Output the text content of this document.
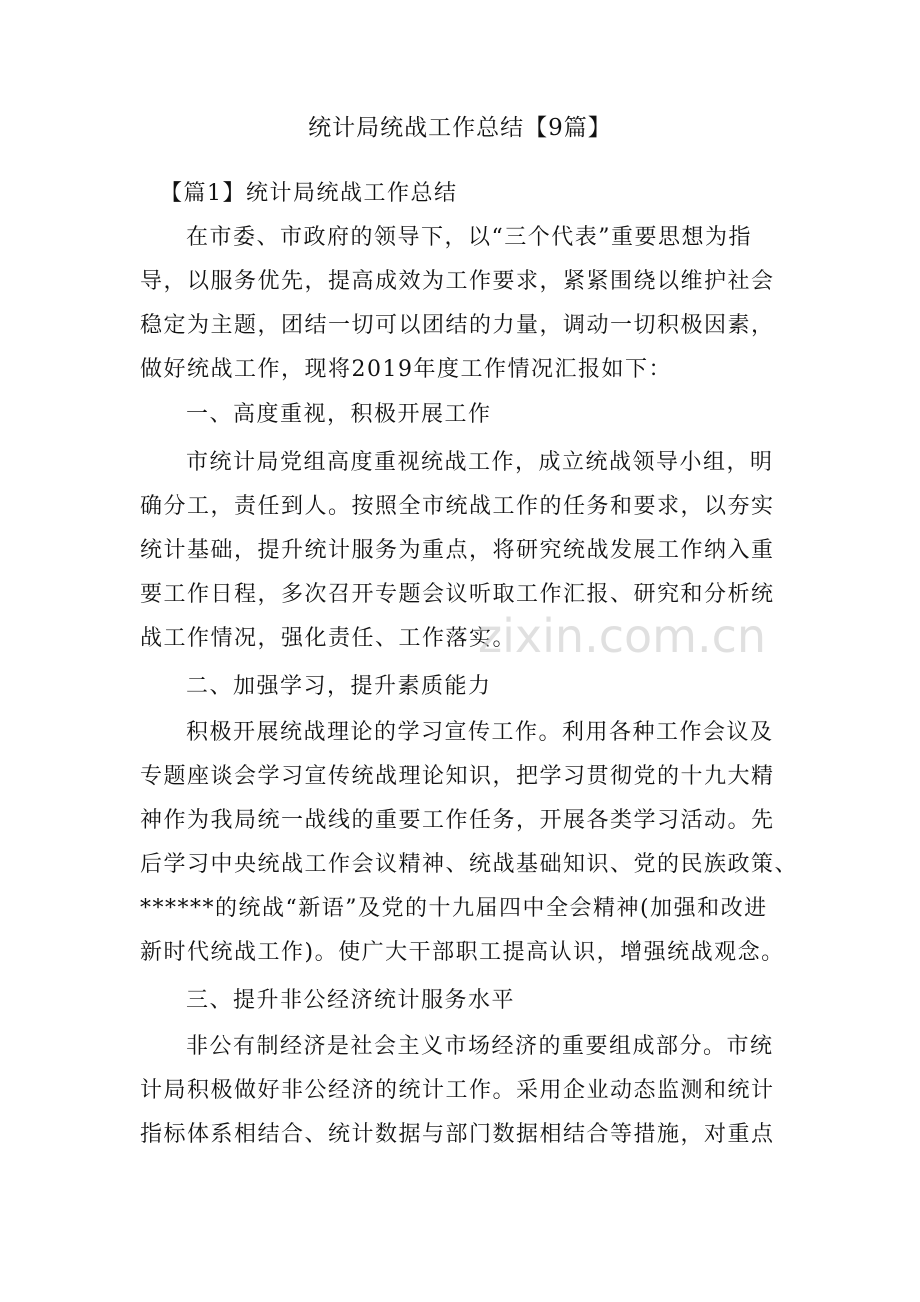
统计局统战工作总结【9篇】
【篇1】统计局统战工作总结
在市委、市政府的领导下，以“三个代表”重要思想为指
导，以服务优先，提高成效为工作要求，紧紧围绕以维护社会
稳定为主题，团结一切可以团结的力量，调动一切积极因素，
做好统战工作，现将2019年度工作情况汇报如下：
一、高度重视，积极开展工作
市统计局党组高度重视统战工作，成立统战领导小组，明
确分工，责任到人。按照全市统战工作的任务和要求，以夯实
统计基础，提升统计服务为重点，将研究统战发展工作纳入重
要工作日程，多次召开专题会议听取工作汇报、研究和分析统
战工作情况，强化责任、工作落实。
二、加强学习，提升素质能力
积极开展统战理论的学习宣传工作。利用各种工作会议及
专题座谈会学习宣传统战理论知识，把学习贯彻党的十九大精
神作为我局统一战线的重要工作任务，开展各类学习活动。先
后学习中央统战工作会议精神、统战基础知识、党的民族政策、
******的统战“新语”及党的十九届四中全会精神(加强和改进
新时代统战工作)。使广大干部职工提高认识，增强统战观念。
三、提升非公经济统计服务水平
非公有制经济是社会主义市场经济的重要组成部分。市统
计局积极做好非公经济的统计工作。采用企业动态监测和统计
指标体系相结合、统计数据与部门数据相结合等措施，对重点
zixin.com.cn
